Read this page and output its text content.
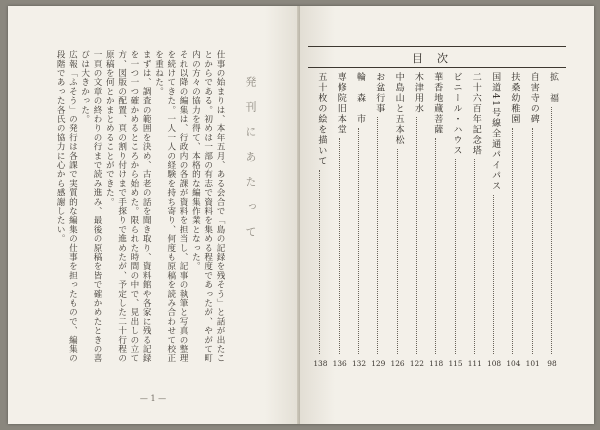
仕事の始まりは、本年五月、ある会合で「島の記録を残そう」と話が出たことからである。初めは一部の有志で資料を集める程度であったが、やがて町内の方々の協力を得て、本格的な編集作業となった。

それ以降の編集は、行政内の各課が資料を担当し、記事の執筆と写真の整理を続けてきた。一人一人の経験を持ち寄り、何度も原稿を読み合わせて校正を重ねた。

まずは、調査の範囲を決め、古老の話を聞き取り、資料館や各家に残る記録を一つ一つ確かめるところから始めた。限られた時間の中で、見出しの立て方、図版の配置、頁の割り付けまで手探りで進めたが、予定した二十行程の原稿を何とかまとめることができた。

一頁の文章の終わりの行まで読み進み、最後の原稿を皆で確かめたときの喜びは大きかった。

広報「ふそう」の発行は各課で実質的な編集の仕事を担ったもので、編集の段階であった各氏の協力に心から感謝したい。	発刊にあたって
— 1 —
目次
拡　福
98
自害寺の碑
101
扶桑幼稚園
104
国道41号線全通パイパス
108
二十六百年記念塔
111
ビニール・ハウス
115
華香地蔵菩薩
118
木津用水
122
中島山と五本松
126
お盆行事
129
輪　森　市
132
専修院旧本堂
136
五十枚の絵を描いて
138
